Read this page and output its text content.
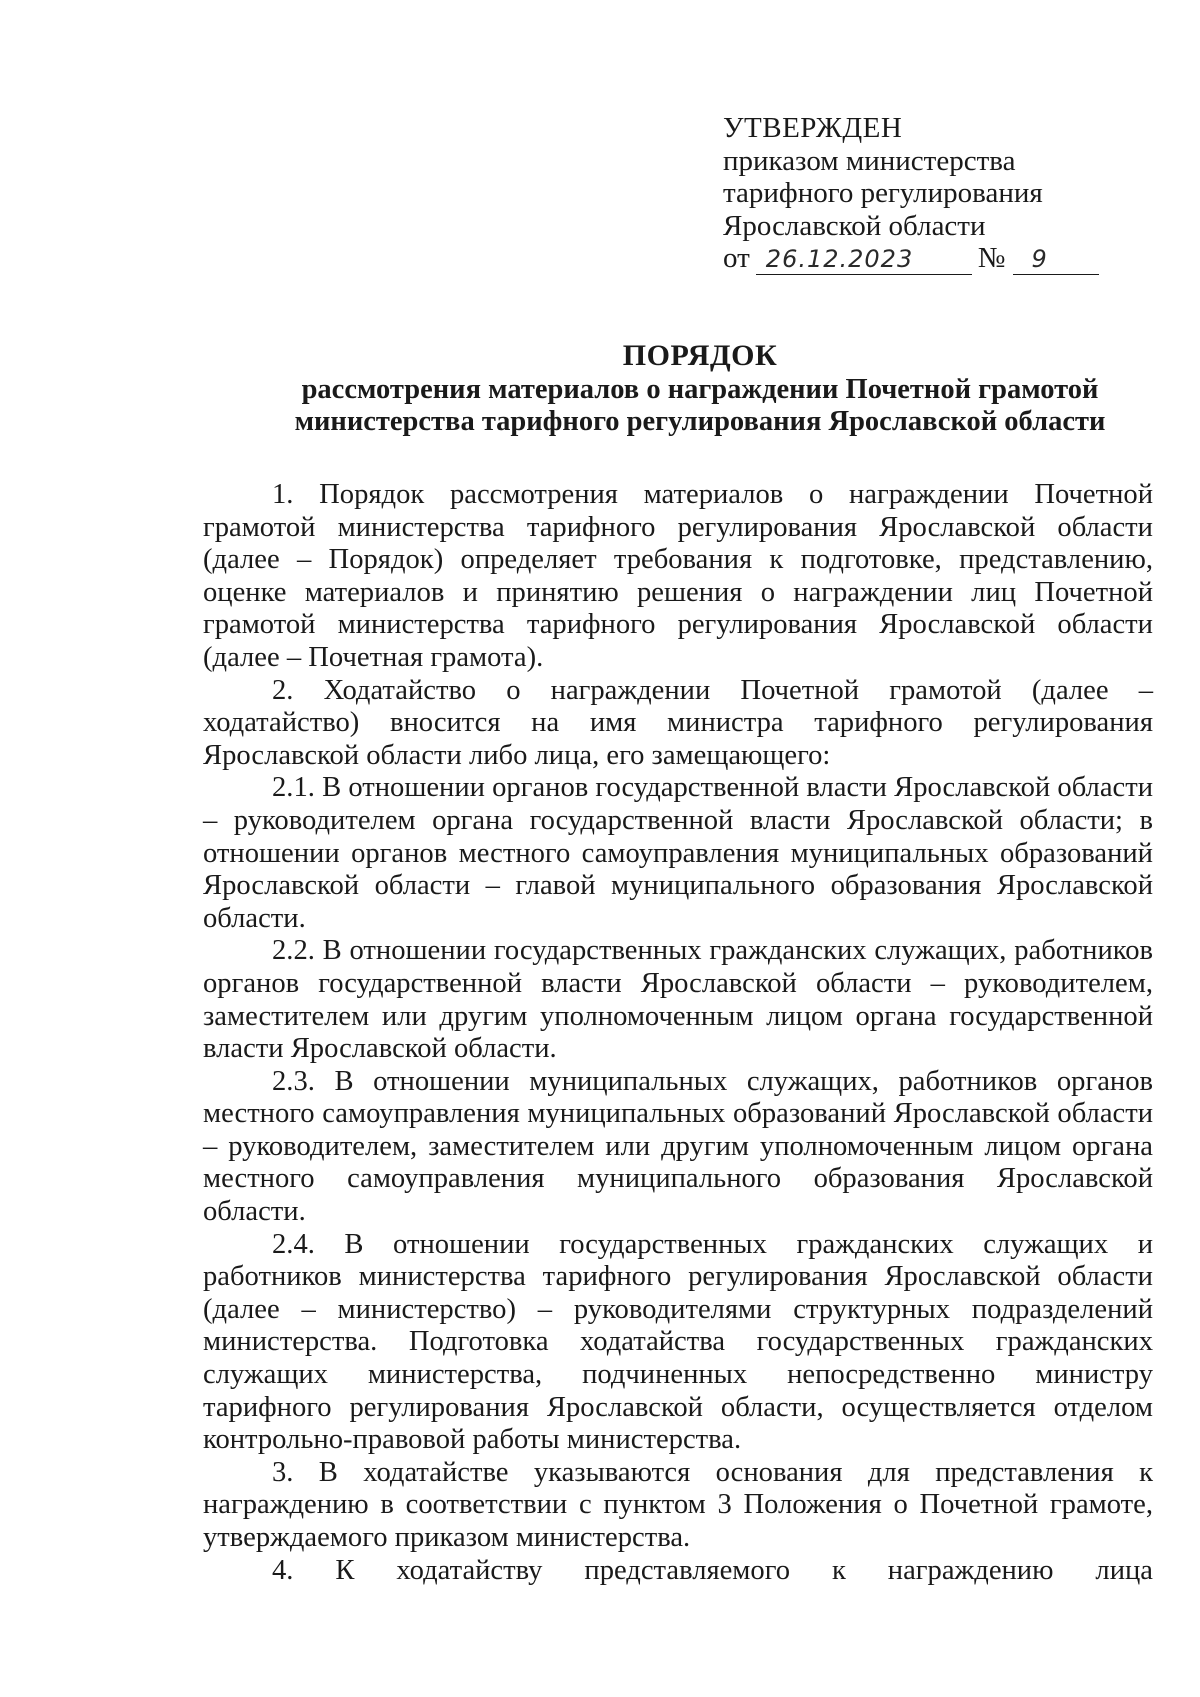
УТВЕРЖДЕН
приказом министерства
тарифного регулирования
Ярославской области
от 26.12.2023	№	9
ПОРЯДОК
рассмотрения материалов о награждении Почетной грамотой
министерства тарифного регулирования Ярославской области

1. Порядок рассмотрения материалов о награждении Почетной грамотой министерства тарифного регулирования Ярославской области (далее – Порядок) определяет требования к подготовке, представлению, оценке материалов и принятию решения о награждении лиц Почетной грамотой министерства тарифного регулирования Ярославской области (далее – Почетная грамота).

2. Ходатайство о награждении Почетной грамотой (далее – ходатайство) вносится на имя министра тарифного регулирования Ярославской области либо лица, его замещающего:

2.1. В отношении органов государственной власти Ярославской области – руководителем органа государственной власти Ярославской области; в отношении органов местного самоуправления муниципальных образований Ярославской области – главой муниципального образования Ярославской области.

2.2. В отношении государственных гражданских служащих, работников органов государственной власти Ярославской области – руководителем, заместителем или другим уполномоченным лицом органа государственной власти Ярославской области.

2.3. В отношении муниципальных служащих, работников органов местного самоуправления муниципальных образований Ярославской области – руководителем, заместителем или другим уполномоченным лицом органа местного самоуправления муниципального образования Ярославской области.

2.4. В отношении государственных гражданских служащих и работников министерства тарифного регулирования Ярославской области (далее – министерство) – руководителями структурных подразделений министерства. Подготовка ходатайства государственных гражданских служащих министерства, подчиненных непосредственно министру тарифного регулирования Ярославской области, осуществляется отделом контрольно-правовой работы министерства.

3. В ходатайстве указываются основания для представления к награждению в соответствии с пунктом 3 Положения о Почетной грамоте, утверждаемого приказом министерства.

4. К ходатайству представляемого к награждению лица
